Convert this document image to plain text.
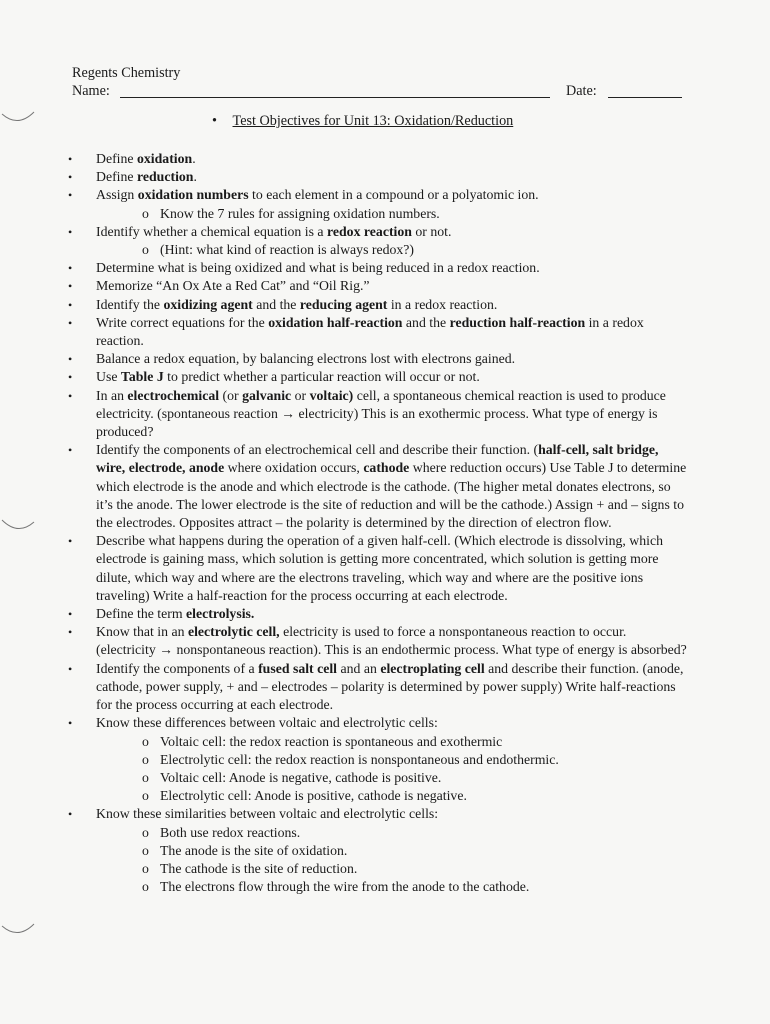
Regents Chemistry
Name:	Date:
• Test Objectives for Unit 13: Oxidation/Reduction
• Define oxidation.
• Define reduction.
• Assign oxidation numbers to each element in a compound or a polyatomic ion.
o Know the 7 rules for assigning oxidation numbers.
• Identify whether a chemical equation is a redox reaction or not.
o (Hint: what kind of reaction is always redox?)
• Determine what is being oxidized and what is being reduced in a redox reaction.
• Memorize “An Ox Ate a Red Cat” and “Oil Rig.”
• Identify the oxidizing agent and the reducing agent in a redox reaction.
• Write correct equations for the oxidation half-reaction and the reduction half-reaction in a redox reaction.
• Balance a redox equation, by balancing electrons lost with electrons gained.
• Use Table J to predict whether a particular reaction will occur or not.
• In an electrochemical (or galvanic or voltaic) cell, a spontaneous chemical reaction is used to produce electricity. (spontaneous reaction → electricity) This is an exothermic process. What type of energy is produced?
• Identify the components of an electrochemical cell and describe their function. (half-cell, salt bridge, wire, electrode, anode where oxidation occurs, cathode where reduction occurs) Use Table J to determine which electrode is the anode and which electrode is the cathode. (The higher metal donates electrons, so it’s the anode. The lower electrode is the site of reduction and will be the cathode.) Assign + and – signs to the electrodes. Opposites attract – the polarity is determined by the direction of electron flow.
• Describe what happens during the operation of a given half-cell. (Which electrode is dissolving, which electrode is gaining mass, which solution is getting more concentrated, which solution is getting more dilute, which way and where are the electrons traveling, which way and where are the positive ions traveling) Write a half-reaction for the process occurring at each electrode.
• Define the term electrolysis.
• Know that in an electrolytic cell, electricity is used to force a nonspontaneous reaction to occur. (electricity → nonspontaneous reaction). This is an endothermic process. What type of energy is absorbed?
• Identify the components of a fused salt cell and an electroplating cell and describe their function. (anode, cathode, power supply, + and – electrodes – polarity is determined by power supply) Write half-reactions for the process occurring at each electrode.
• Know these differences between voltaic and electrolytic cells:
o Voltaic cell: the redox reaction is spontaneous and exothermic
o Electrolytic cell: the redox reaction is nonspontaneous and endothermic.
o Voltaic cell: Anode is negative, cathode is positive.
o Electrolytic cell: Anode is positive, cathode is negative.
• Know these similarities between voltaic and electrolytic cells:
o Both use redox reactions.
o The anode is the site of oxidation.
o The cathode is the site of reduction.
o The electrons flow through the wire from the anode to the cathode.
